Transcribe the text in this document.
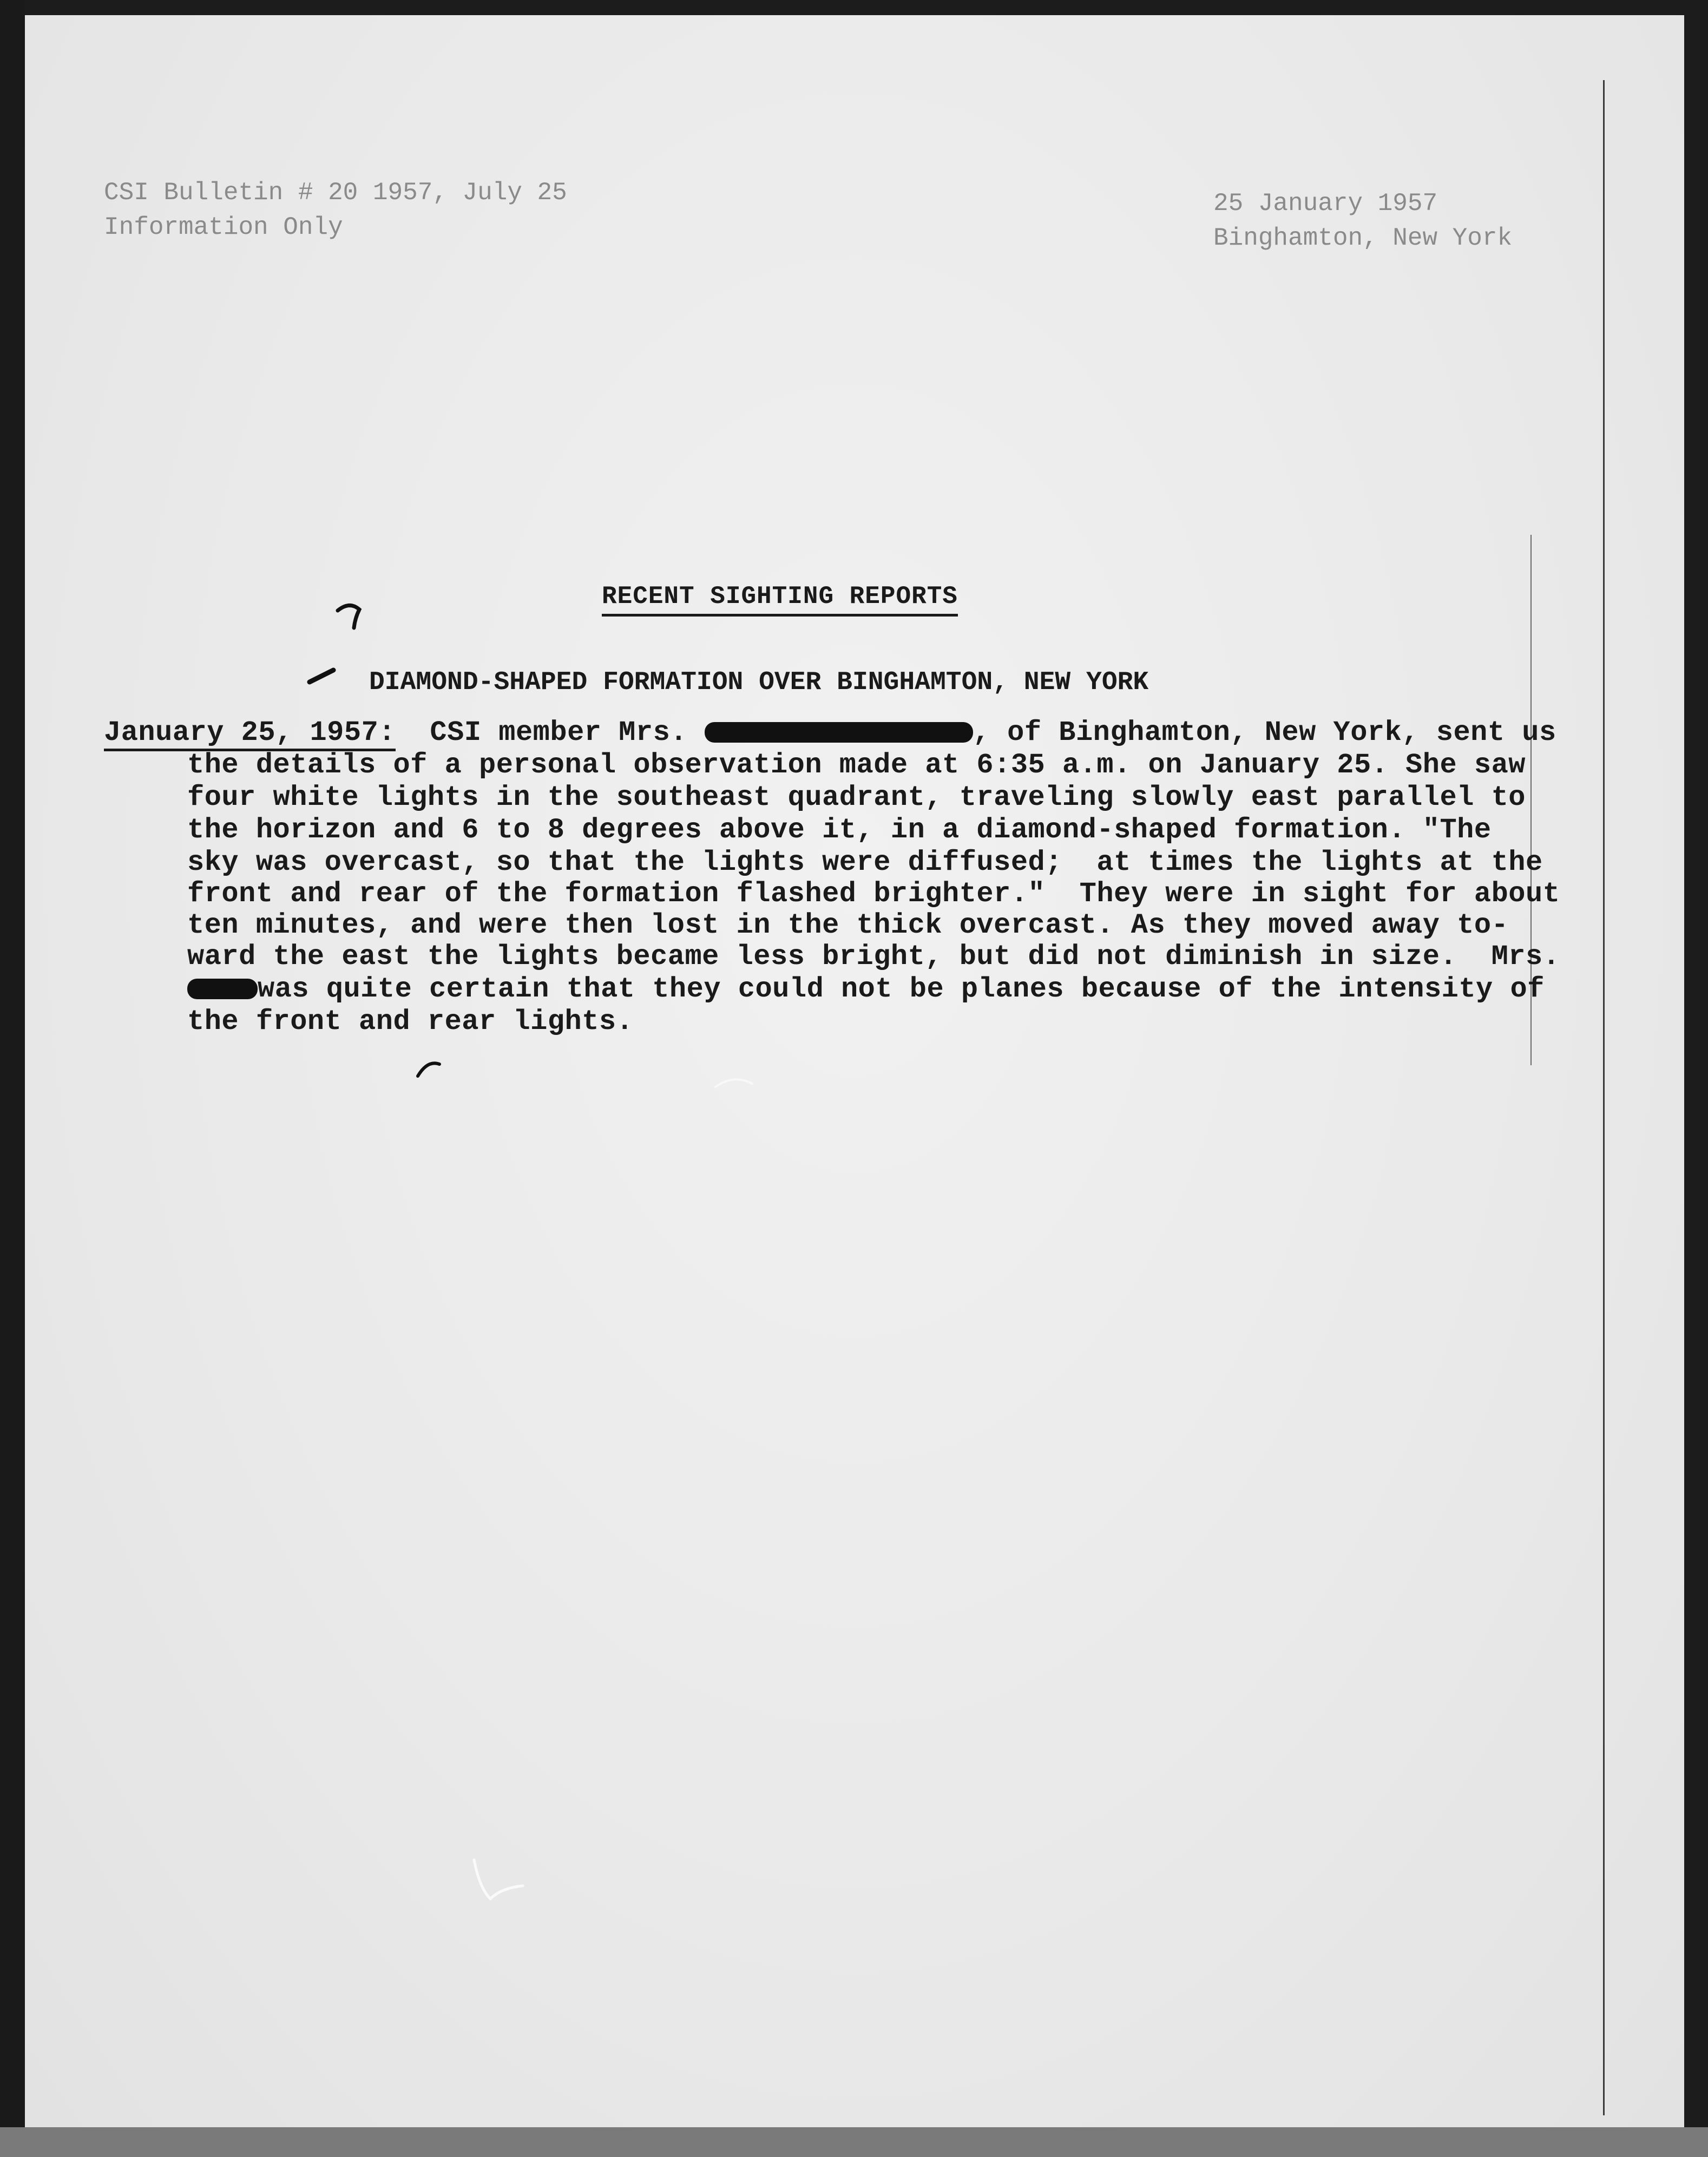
CSI Bulletin # 20 1957, July 25
Information Only
25 January 1957
Binghamton, New York
RECENT SIGHTING REPORTS
DIAMOND-SHAPED FORMATION OVER BINGHAMTON, NEW YORK
January 25, 1957: CSI member Mrs.	, of Binghamton, New York, sent us
the details of a personal observation made at 6:35 a.m. on January 25. She saw
four white lights in the southeast quadrant, traveling slowly east parallel to
the horizon and 6 to 8 degrees above it, in a diamond-shaped formation. "The
sky was overcast, so that the lights were diffused;  at times the lights at the
front and rear of the formation flashed brighter."  They were in sight for about
ten minutes, and were then lost in the thick overcast. As they moved away to-
ward the east the lights became less bright, but did not diminish in size.  Mrs.
was quite certain that they could not be planes because of the intensity of
the front and rear lights.
